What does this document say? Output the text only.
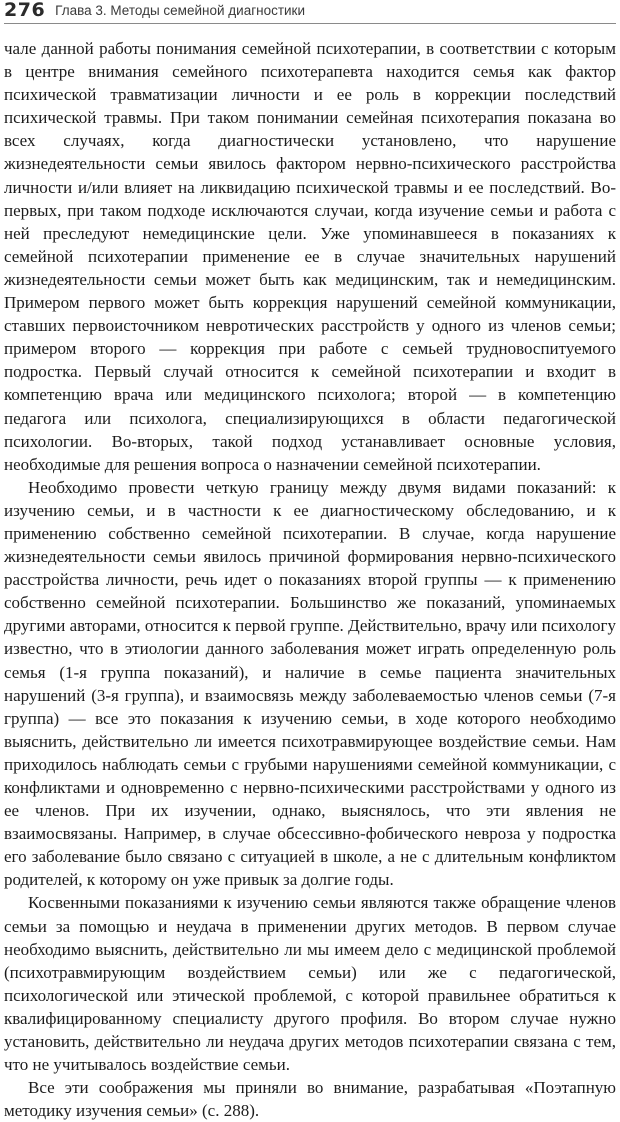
276 Глава 3. Методы семейной диагностики

чале данной работы понимания семейной психотерапии, в соответствии с которым в центре внимания семейного психотерапевта находится семья как фактор психической травматизации личности и ее роль в коррекции последствий психической травмы. При таком понимании семейная психотерапия показана во всех случаях, когда диагностически установлено, что нарушение жизнедеятельности семьи явилось фактором нервно-психического расстройства личности и/или влияет на ликвидацию психической травмы и ее последствий. Во-первых, при таком подходе исключаются случаи, когда изучение семьи и работа с ней преследуют немедицинские цели. Уже упоминавшееся в показаниях к семейной психотерапии применение ее в случае значительных нарушений жизнедеятельности семьи может быть как медицинским, так и немедицинским. Примером первого может быть коррекция нарушений семейной коммуникации, ставших первоисточником невротических расстройств у одного из членов семьи; примером второго — коррекция при работе с семьей трудновоспитуемого подростка. Первый случай относится к семейной психотерапии и входит в компетенцию врача или медицинского психолога; второй — в компетенцию педагога или психолога, специализирующихся в области педагогической психологии. Во-вторых, такой подход устанавливает основные условия, необходимые для решения вопроса о назначении семейной психотерапии.

Необходимо провести четкую границу между двумя видами показаний: к изучению семьи, и в частности к ее диагностическому обследованию, и к применению собственно семейной психотерапии. В случае, когда нарушение жизнедеятельности семьи явилось причиной формирования нервно-психического расстройства личности, речь идет о показаниях второй группы — к применению собственно семейной психотерапии. Большинство же показаний, упоминаемых другими авторами, относится к первой группе. Действительно, врачу или психологу известно, что в этиологии данного заболевания может играть определенную роль семья (1-я группа показаний), и наличие в семье пациента значительных нарушений (3-я группа), и взаимосвязь между заболеваемостью членов семьи (7-я группа) — все это показания к изучению семьи, в ходе которого необходимо выяснить, действительно ли имеется психотравмирующее воздействие семьи. Нам приходилось наблюдать семьи с грубыми нарушениями семейной коммуникации, с конфликтами и одновременно с нервно-психическими расстройствами у одного из ее членов. При их изучении, однако, выяснялось, что эти явления не взаимосвязаны. Например, в случае обсессивно-фобического невроза у подростка его заболевание было связано с ситуацией в школе, а не с длительным конфликтом родителей, к которому он уже привык за долгие годы.

Косвенными показаниями к изучению семьи являются также обращение членов семьи за помощью и неудача в применении других методов. В первом случае необходимо выяснить, действительно ли мы имеем дело с медицинской проблемой (психотравмирующим воздействием семьи) или же с педагогической, психологической или этической проблемой, с которой правильнее обратиться к квалифицированному специалисту другого профиля. Во втором случае нужно установить, действительно ли неудача других методов психотерапии связана с тем, что не учитывалось воздействие семьи.

Все эти соображения мы приняли во внимание, разрабатывая «Поэтапную методику изучения семьи» (с. 288).
